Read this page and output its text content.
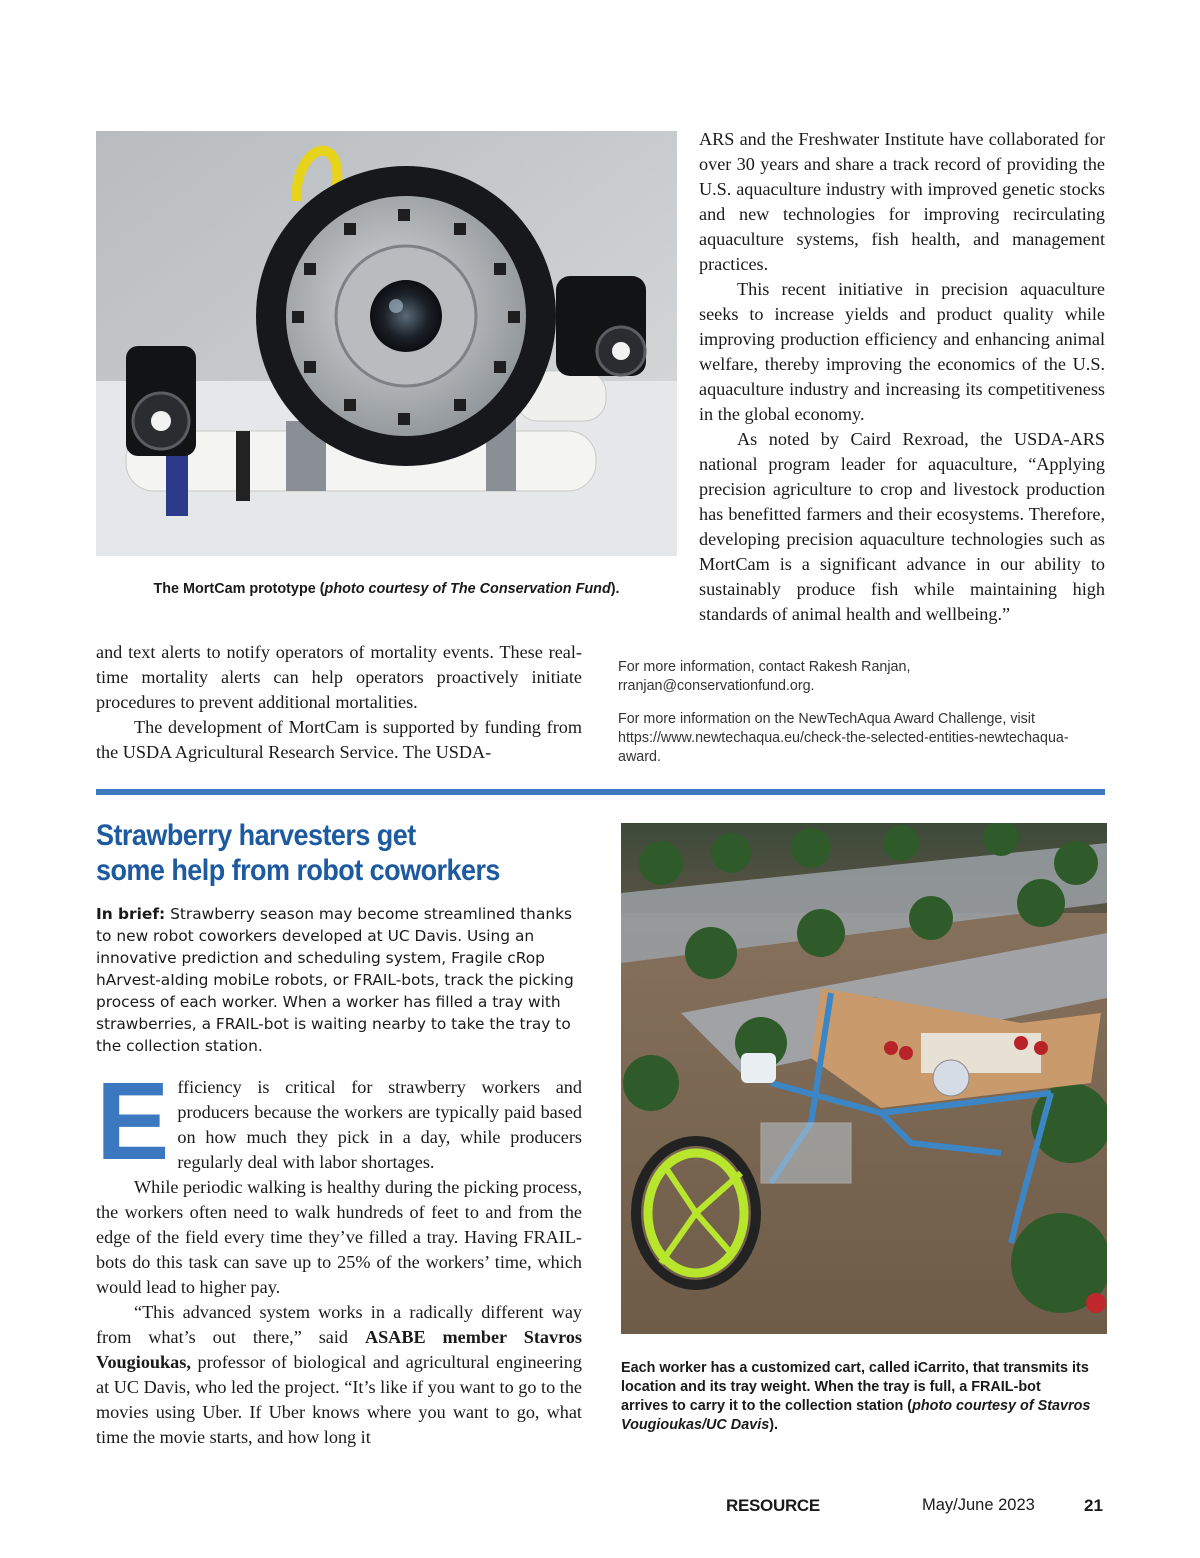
The MortCam prototype (photo courtesy of The Conservation Fund).

and text alerts to notify operators of mortality events. These real-time mortality alerts can help operators proactively initiate procedures to prevent additional mortalities.

The development of MortCam is supported by funding from the USDA Agricultural Research Service. The USDA-

ARS and the Freshwater Institute have collaborated for over 30 years and share a track record of providing the U.S. aquaculture industry with improved genetic stocks and new technologies for improving recirculating aquaculture systems, fish health, and management practices.

This recent initiative in precision aquaculture seeks to increase yields and product quality while improving production efficiency and enhancing animal welfare, thereby improving the economics of the U.S. aquaculture industry and increasing its competitiveness in the global economy.

As noted by Caird Rexroad, the USDA-ARS national program leader for aquaculture, “Applying precision agriculture to crop and livestock production has benefitted farmers and their ecosystems. Therefore, developing precision aquaculture technologies such as MortCam is a significant advance in our ability to sustainably produce fish while maintaining high standards of animal health and wellbeing.”

For more information, contact Rakesh Ranjan, rranjan@conservationfund.org.
For more information on the NewTechAqua Award Challenge, visit https://www.newtechaqua.eu/check-the-selected-entities-newtechaqua-award.
Strawberry harvesters get
some help from robot coworkers
In brief: Strawberry season may become streamlined thanks to new robot coworkers developed at UC Davis. Using an innovative prediction and scheduling system, Fragile cRop hArvest-aIding mobiLe robots, or FRAIL-bots, track the picking process of each worker. When a worker has filled a tray with strawberries, a FRAIL-bot is waiting nearby to take the tray to the collection station.

Efficiency is critical for strawberry workers and producers because the workers are typically paid based on how much they pick in a day, while producers regularly deal with labor shortages.

While periodic walking is healthy during the picking process, the workers often need to walk hundreds of feet to and from the edge of the field every time they’ve filled a tray. Having FRAIL-bots do this task can save up to 25% of the workers’ time, which would lead to higher pay.

“This advanced system works in a radically different way from what’s out there,” said ASABE member Stavros Vougioukas, professor of biological and agricultural engineering at UC Davis, who led the project. “It’s like if you want to go to the movies using Uber. If Uber knows where you want to go, what time the movie starts, and how long it

Each worker has a customized cart, called iCarrito, that transmits its location and its tray weight. When the tray is full, a FRAIL-bot arrives to carry it to the collection station (photo courtesy of Stavros Vougioukas/UC Davis).
RESOURCE	May/June 2023	21
